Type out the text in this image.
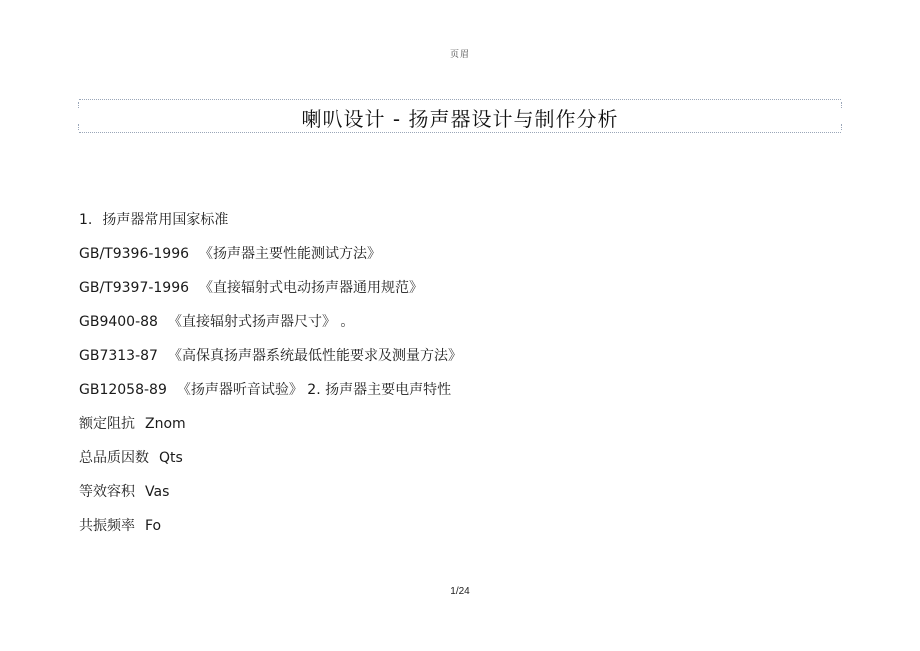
页眉
喇叭设计 - 扬声器设计与制作分析
1. 扬声器常用国家标准
GB/T9396-1996 《扬声器主要性能测试方法》
GB/T9397-1996 《直接辐射式电动扬声器通用规范》
GB9400-88 《直接辐射式扬声器尺寸》 。
GB7313-87 《高保真扬声器系统最低性能要求及测量方法》
GB12058-89 《扬声器听音试验》 2. 扬声器主要电声特性
额定阻抗 Znom
总品质因数 Qts
等效容积 Vas
共振频率 Fo
1/24
